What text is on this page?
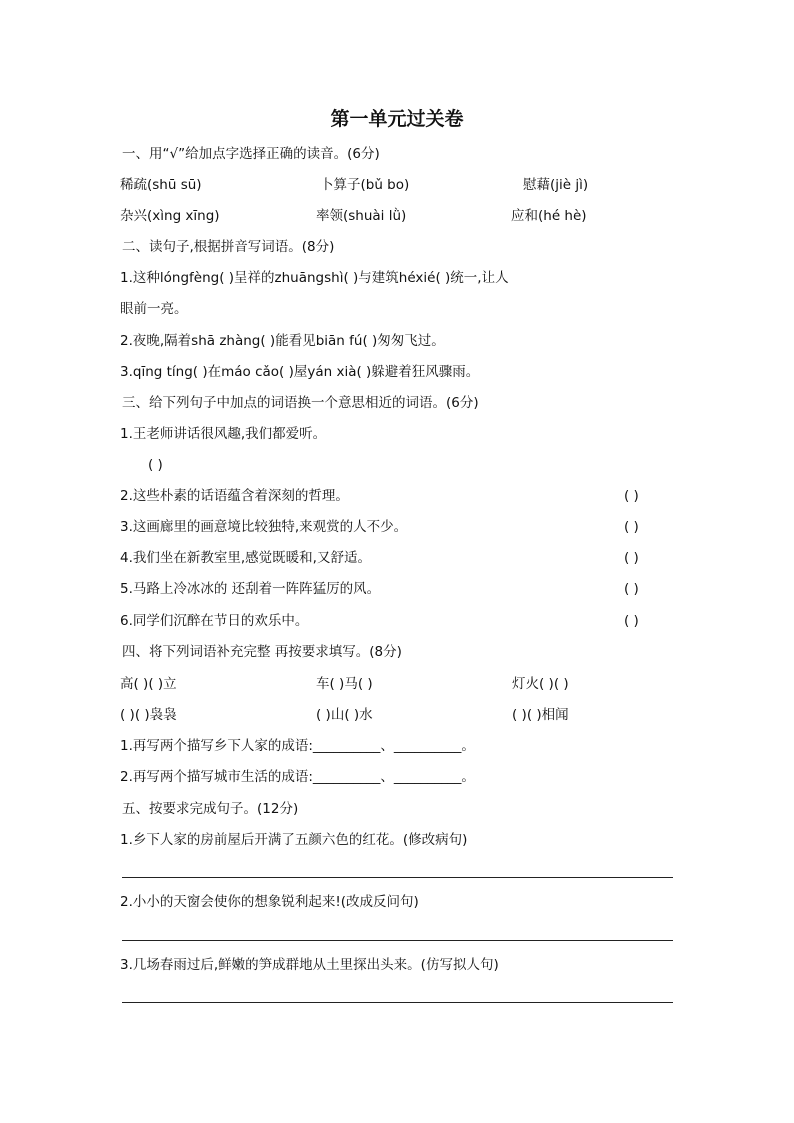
第一单元过关卷
一、用“√”给加点字选择正确的读音。(6分)
稀疏(shū sū)	卜算子(bǔ bo)	慰藉(jiè jì)
杂兴(xìng xīng)	率领(shuài lǜ)	应和(hé hè)
二、读句子,根据拼音写词语。(8分)
1.这种lóngfèng( )呈祥的zhuāngshì( )与建筑héxié( )统一,让人
眼前一亮。
2.夜晚,隔着shā zhàng( )能看见biān fú( )匆匆飞过。
3.qīng tíng( )在máo cǎo( )屋yán xià( )躲避着狂风骤雨。
三、给下列句子中加点的词语换一个意思相近的词语。(6分)
1.王老师讲话很风趣,我们都爱听。
( )
2.这些朴素的话语蕴含着深刻的哲理。	( )
3.这画廊里的画意境比较独特,来观赏的人不少。	( )
4.我们坐在新教室里,感觉既暖和,又舒适。	( )
5.马路上冷冰冰的 还刮着一阵阵猛厉的风。	( )
6.同学们沉醉在节日的欢乐中。	( )
四、将下列词语补充完整 再按要求填写。(8分)
高( )( )立	车( )马( )	灯火( )( )
( )( )袅袅	( )山( )水	( )( )相闻
1.再写两个描写乡下人家的成语:__________、__________。
2.再写两个描写城市生活的成语:__________、__________。
五、按要求完成句子。(12分)
1.乡下人家的房前屋后开满了五颜六色的红花。(修改病句)
2.小小的天窗会使你的想象锐利起来!(改成反问句)
3.几场春雨过后,鲜嫩的笋成群地从土里探出头来。(仿写拟人句)
